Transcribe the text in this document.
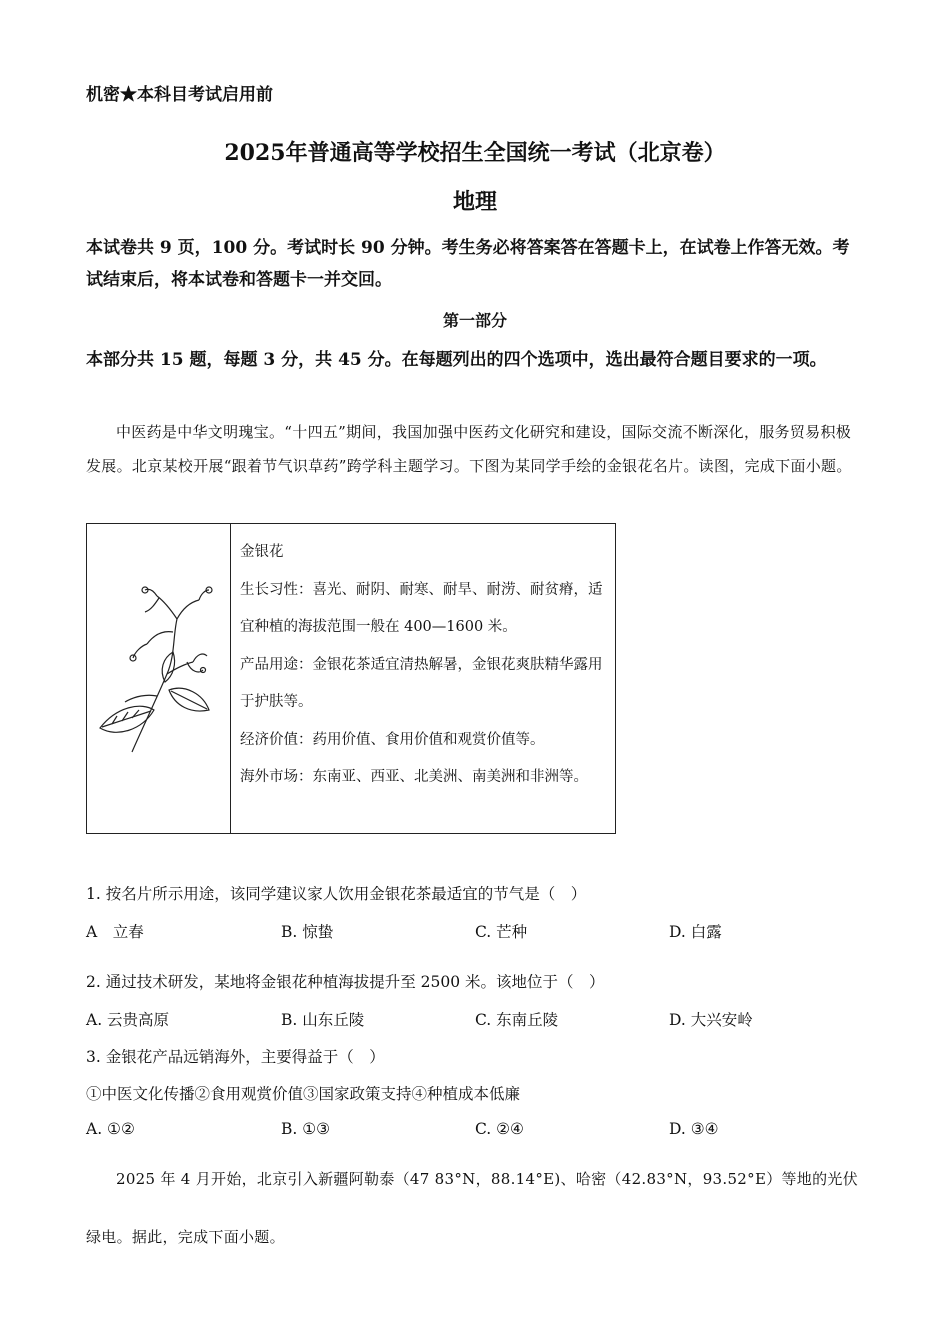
机密★本科目考试启用前
2025年普通高等学校招生全国统一考试（北京卷）
地理
本试卷共 9 页，100 分。考试时长 90 分钟。考生务必将答案答在答题卡上，在试卷上作答无效。考试结束后，将本试卷和答题卡一并交回。
第一部分
本部分共 15 题，每题 3 分，共 45 分。在每题列出的四个选项中，选出最符合题目要求的一项。
中医药是中华文明瑰宝。“十四五”期间，我国加强中医药文化研究和建设，国际交流不断深化，服务贸易积极发展。北京某校开展“跟着节气识草药”跨学科主题学习。下图为某同学手绘的金银花名片。读图，完成下面小题。
金银花
生长习性：喜光、耐阴、耐寒、耐旱、耐涝、耐贫瘠，适宜种植的海拔范围一般在 400—1600 米。
产品用途：金银花茶适宜清热解暑，金银花爽肤精华露用于护肤等。
经济价值：药用价值、食用价值和观赏价值等。
海外市场：东南亚、西亚、北美洲、南美洲和非洲等。
1. 按名片所示用途，该同学建议家人饮用金银花茶最适宜的节气是（　）
A　立春	B. 惊蛰	C. 芒种	D. 白露
2. 通过技术研发，某地将金银花种植海拔提升至 2500 米。该地位于（　）
A. 云贵高原	B. 山东丘陵	C. 东南丘陵	D. 大兴安岭
3. 金银花产品远销海外，主要得益于（　）
①中医文化传播②食用观赏价值③国家政策支持④种植成本低廉
A. ①②	B. ①③	C. ②④	D. ③④
2025 年 4 月开始，北京引入新疆阿勒泰（47 83°N，88.14°E)、哈密（42.83°N，93.52°E）等地的光伏绿电。据此，完成下面小题。
